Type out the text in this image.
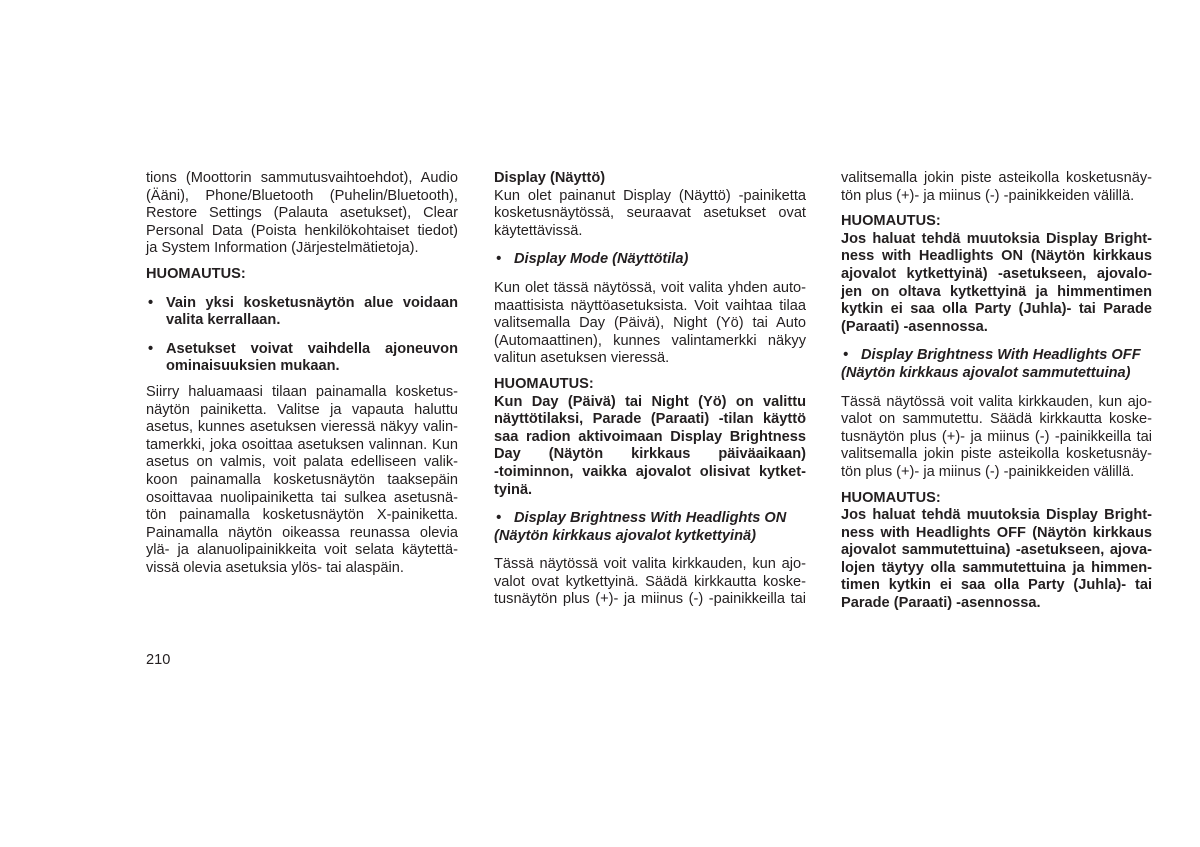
tions (Moottorin sammutusvaihtoehdot), Audio
(Ääni), Phone/Bluetooth (Puhelin/Bluetooth),
Restore Settings (Palauta asetukset), Clear
Personal Data (Poista henkilökohtaiset tiedot)
ja System Information (Järjestelmätietoja).
HUOMAUTUS:
• Vain yksi kosketusnäytön alue voidaan
valita kerrallaan.
• Asetukset voivat vaihdella ajoneuvon
ominaisuuksien mukaan.
Siirry haluamaasi tilaan painamalla kosketus-
näytön painiketta. Valitse ja vapauta haluttu
asetus, kunnes asetuksen vieressä näkyy valin-
tamerkki, joka osoittaa asetuksen valinnan. Kun
asetus on valmis, voit palata edelliseen valik-
koon painamalla kosketusnäytön taaksepäin
osoittavaa nuolipainiketta tai sulkea asetusnä-
tön painamalla kosketusnäytön X-painiketta.
Painamalla näytön oikeassa reunassa olevia
ylä- ja alanuolipainikkeita voit selata käytettä-
vissä olevia asetuksia ylös- tai alaspäin.
Display (Näyttö)
Kun olet painanut Display (Näyttö) -painiketta
kosketusnäytössä, seuraavat asetukset ovat
käytettävissä.
• Display Mode (Näyttötila)
Kun olet tässä näytössä, voit valita yhden auto-
maattisista näyttöasetuksista. Voit vaihtaa tilaa
valitsemalla Day (Päivä), Night (Yö) tai Auto
(Automaattinen), kunnes valintamerkki näkyy
valitun asetuksen vieressä.
HUOMAUTUS:
Kun Day (Päivä) tai Night (Yö) on valittu
näyttötilaksi, Parade (Paraati) -tilan käyttö
saa radion aktivoimaan Display Brightness
Day (Näytön kirkkaus päiväaikaan)
-toiminnon, vaikka ajovalot olisivat kytket-
tyinä.
• Display Brightness With Headlights ON
(Näytön kirkkaus ajovalot kytkettyinä)
Tässä näytössä voit valita kirkkauden, kun ajo-
valot ovat kytkettyinä. Säädä kirkkautta koske-
tusnäytön plus (+)- ja miinus (-) -painikkeilla tai
valitsemalla jokin piste asteikolla kosketusnäy-
tön plus (+)- ja miinus (-) -painikkeiden välillä.
HUOMAUTUS:
Jos haluat tehdä muutoksia Display Bright-
ness with Headlights ON (Näytön kirkkaus
ajovalot kytkettyinä) -asetukseen, ajovalo-
jen on oltava kytkettyinä ja himmentimen
kytkin ei saa olla Party (Juhla)- tai Parade
(Paraati) -asennossa.
• Display Brightness With Headlights OFF
(Näytön kirkkaus ajovalot sammutettuina)
Tässä näytössä voit valita kirkkauden, kun ajo-
valot on sammutettu. Säädä kirkkautta koske-
tusnäytön plus (+)- ja miinus (-) -painikkeilla tai
valitsemalla jokin piste asteikolla kosketusnäy-
tön plus (+)- ja miinus (-) -painikkeiden välillä.
HUOMAUTUS:
Jos haluat tehdä muutoksia Display Bright-
ness with Headlights OFF (Näytön kirkkaus
ajovalot sammutettuina) -asetukseen, ajova-
lojen täytyy olla sammutettuina ja himmen-
timen kytkin ei saa olla Party (Juhla)- tai
Parade (Paraati) -asennossa.
210
